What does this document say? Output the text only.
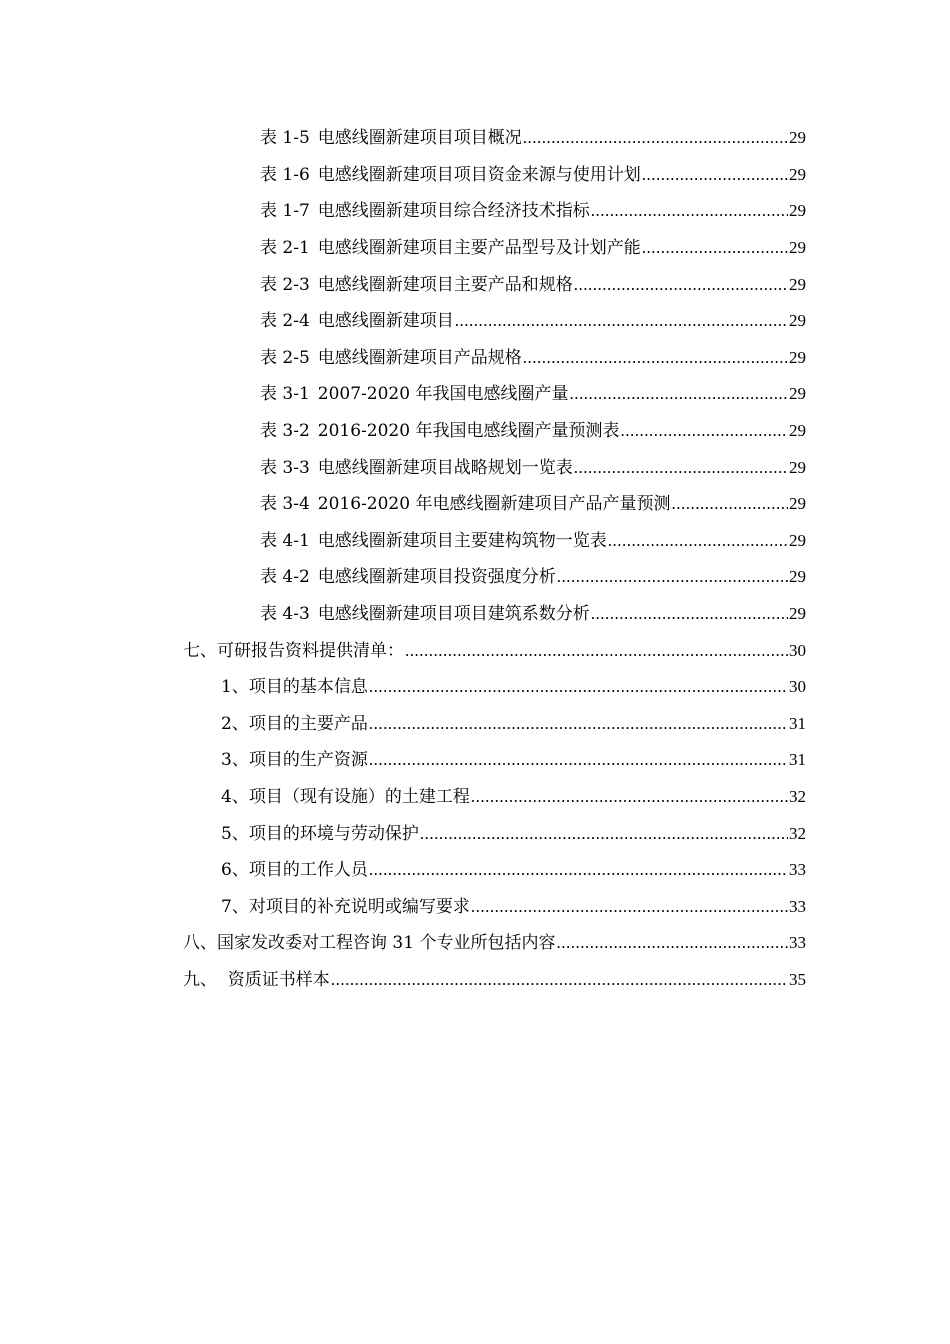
表 1-5 电感线圈新建项目项目概况 .....	29
表 1-6 电感线圈新建项目项目资金来源与使用计划 .....	29
表 1-7 电感线圈新建项目综合经济技术指标 .....	29
表 2-1 电感线圈新建项目主要产品型号及计划产能 .....	29
表 2-3 电感线圈新建项目主要产品和规格 .....	29
表 2-4 电感线圈新建项目 .....	29
表 2-5 电感线圈新建项目产品规格 .....	29
表 3-1 2007-2020 年我国电感线圈产量 .....	29
表 3-2 2016-2020 年我国电感线圈产量预测表 .....	29
表 3-3 电感线圈新建项目战略规划一览表 .....	29
表 3-4 2016-2020 年电感线圈新建项目产品产量预测 .....	29
表 4-1 电感线圈新建项目主要建构筑物一览表 .....	29
表 4-2 电感线圈新建项目投资强度分析 .....	29
表 4-3 电感线圈新建项目项目建筑系数分析 .....	29
七、可研报告资料提供清单： .....	30
1、项目的基本信息 .....	30
2、项目的主要产品 .....	31
3、项目的生产资源 .....	31
4、项目（现有设施）的土建工程 .....	32
5、项目的环境与劳动保护 .....	32
6、项目的工作人员 .....	33
7、对项目的补充说明或编写要求 .....	33
八、国家发改委对工程咨询 31 个专业所包括内容 .....	33
九、  资质证书样本 .....	35
